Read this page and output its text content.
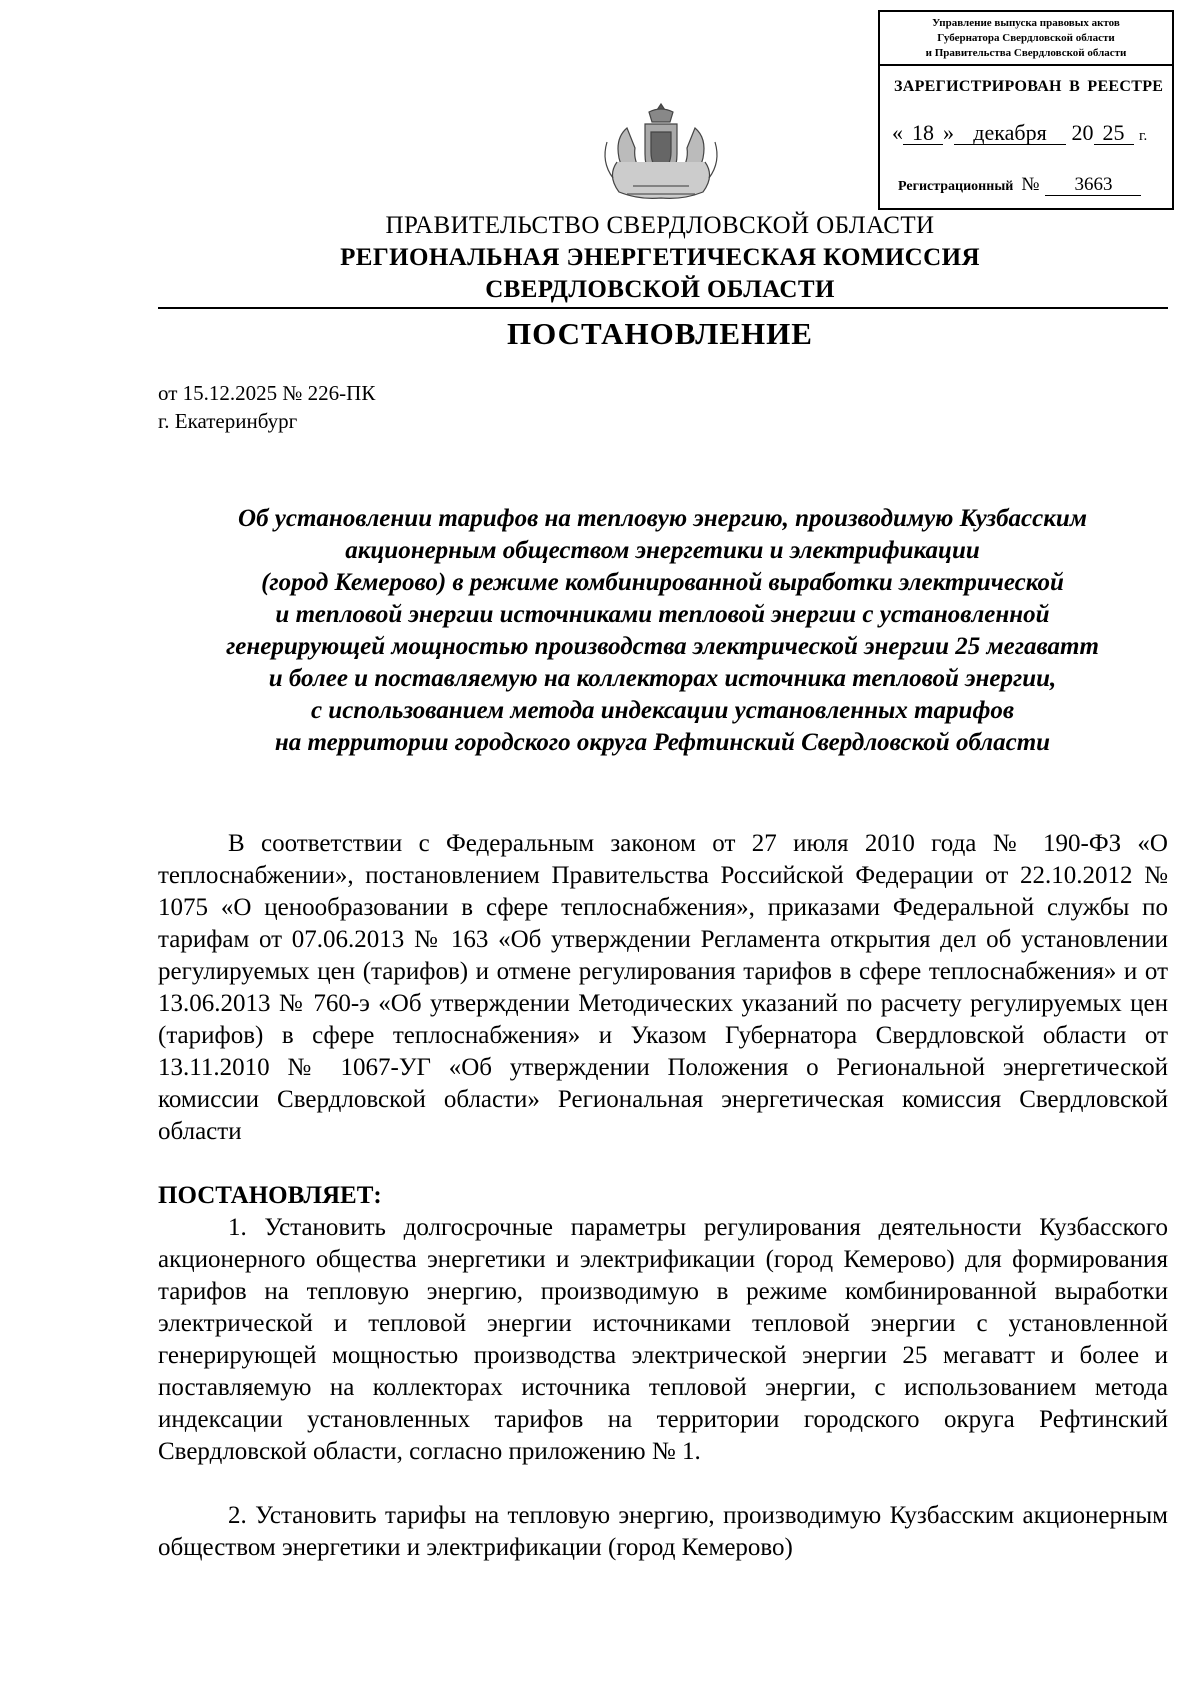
Управление выпуска правовых актов
Губернатора Свердловской области
и Правительства Свердловской области
ЗАРЕГИСТРИРОВАН В РЕЕСТРЕ
« 18 » декабря 20 25 г.
Регистрационный № 3663
ПРАВИТЕЛЬСТВО СВЕРДЛОВСКОЙ ОБЛАСТИ
РЕГИОНАЛЬНАЯ ЭНЕРГЕТИЧЕСКАЯ КОМИССИЯ
СВЕРДЛОВСКОЙ ОБЛАСТИ
ПОСТАНОВЛЕНИЕ
от 15.12.2025 № 226-ПК
г. Екатеринбург
Об установлении тарифов на тепловую энергию, производимую Кузбасским
акционерным обществом энергетики и электрификации
(город Кемерово) в режиме комбинированной выработки электрической
и тепловой энергии источниками тепловой энергии с установленной
генерирующей мощностью производства электрической энергии 25 мегаватт
и более и поставляемую на коллекторах источника тепловой энергии,
с использованием метода индексации установленных тарифов
на территории городского округа Рефтинский Свердловской области
В соответствии с Федеральным законом от 27 июля 2010 года № 190-ФЗ «О теплоснабжении», постановлением Правительства Российской Федерации от 22.10.2012 № 1075 «О ценообразовании в сфере теплоснабжения», приказами Федеральной службы по тарифам от 07.06.2013 № 163 «Об утверждении Регламента открытия дел об установлении регулируемых цен (тарифов) и отмене регулирования тарифов в сфере теплоснабжения» и от 13.06.2013 № 760-э «Об утверждении Методических указаний по расчету регулируемых цен (тарифов) в сфере теплоснабжения» и Указом Губернатора Свердловской области от 13.11.2010 № 1067-УГ «Об утверждении Положения о Региональной энергетической комиссии Свердловской области» Региональная энергетическая комиссия Свердловской области
ПОСТАНОВЛЯЕТ:
1. Установить долгосрочные параметры регулирования деятельности Кузбасского акционерного общества энергетики и электрификации (город Кемерово) для формирования тарифов на тепловую энергию, производимую в режиме комбинированной выработки электрической и тепловой энергии источниками тепловой энергии с установленной генерирующей мощностью производства электрической энергии 25 мегаватт и более и поставляемую на коллекторах источника тепловой энергии, с использованием метода индексации установленных тарифов на территории городского округа Рефтинский Свердловской области, согласно приложению № 1.
2. Установить тарифы на тепловую энергию, производимую Кузбасским акционерным обществом энергетики и электрификации (город Кемерово)
